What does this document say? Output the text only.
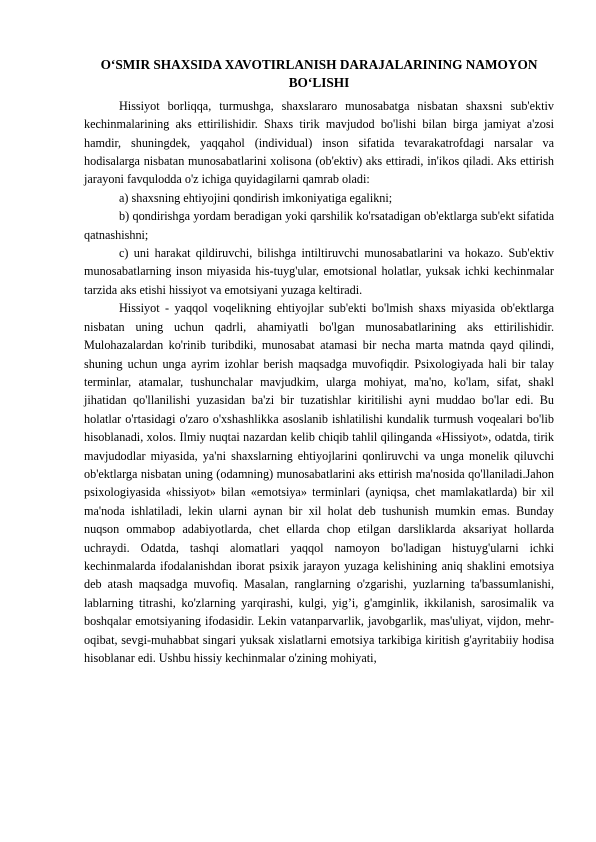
O‘SMIR SHAXSIDA XAVOTIRLANISH DARAJALARINING NAMOYON BO‘LISHI

Hissiyot borliqqa, turmushga, shaxslararo munosabatga nisbatan shaxsni sub'ektiv kechinmalarining aks ettirilishidir. Shaxs tirik mavjudod bo'lishi bilan birga jamiyat a'zosi hamdir, shuningdek, yaqqahol (individual) inson sifatida tevarakatrofdagi narsalar va hodisalarga nisbatan munosabatlarini xolisona (ob'ektiv) aks ettiradi, in'ikos qiladi. Aks ettirish jarayoni favqulodda o'z ichiga quyidagilarni qamrab oladi:

a) shaxsning ehtiyojini qondirish imkoniyatiga egalikni;

b) qondirishga yordam beradigan yoki qarshilik ko'rsatadigan ob'ektlarga sub'ekt sifatida qatnashishni;

c) uni harakat qildiruvchi, bilishga intiltiruvchi munosabatlarini va hokazo. Sub'ektiv munosabatlarning inson miyasida his-tuyg'ular, emotsional holatlar, yuksak ichki kechinmalar tarzida aks etishi hissiyot va emotsiyani yuzaga keltiradi.

Hissiyot - yaqqol voqelikning ehtiyojlar sub'ekti bo'lmish shaxs miyasida ob'ektlarga nisbatan uning uchun qadrli, ahamiyatli bo'lgan munosabatlarining aks ettirilishidir. Mulohazalardan ko'rinib turibdiki, munosabat atamasi bir necha marta matnda qayd qilindi, shuning uchun unga ayrim izohlar berish maqsadga muvofiqdir. Psixologiyada hali bir talay terminlar, atamalar, tushunchalar mavjudkim, ularga mohiyat, ma'no, ko'lam, sifat, shakl jihatidan qo'llanilishi yuzasidan ba'zi bir tuzatishlar kiritilishi ayni muddao bo'lar edi. Bu holatlar o'rtasidagi o'zaro o'xshashlikka asoslanib ishlatilishi kundalik turmush voqealari bo'lib hisoblanadi, xolos. Ilmiy nuqtai nazardan kelib chiqib tahlil qilinganda «Hissiyot», odatda, tirik mavjudodlar miyasida, ya'ni shaxslarning ehtiyojlarini qonliruvchi va unga monelik qiluvchi ob'ektlarga nisbatan uning (odamning) munosabatlarini aks ettirish ma'nosida qo'llaniladi.Jahon psixologiyasida «hissiyot» bilan «emotsiya» terminlari (ayniqsa, chet mamlakatlarda) bir xil ma'noda ishlatiladi, lekin ularni aynan bir xil holat deb tushunish mumkin emas. Bunday nuqson ommabop adabiyotlarda, chet ellarda chop etilgan darsliklarda aksariyat hollarda uchraydi. Odatda, tashqi alomatlari yaqqol namoyon bo'ladigan histuyg'ularni ichki kechinmalarda ifodalanishdan iborat psixik jarayon yuzaga kelishining aniq shaklini emotsiya deb atash maqsadga muvofiq. Masalan, ranglarning o'zgarishi, yuzlarning ta'bassumlanishi, lablarning titrashi, ko'zlarning yarqirashi, kulgi, yig’i, g'amginlik, ikkilanish, sarosimalik va boshqalar emotsiyaning ifodasidir. Lekin vatanparvarlik, javobgarlik, mas'uliyat, vijdon, mehr-oqibat, sevgi-muhabbat singari yuksak xislatlarni emotsiya tarkibiga kiritish g'ayritabiiy hodisa hisoblanar edi. Ushbu hissiy kechinmalar o'zining mohiyati,
